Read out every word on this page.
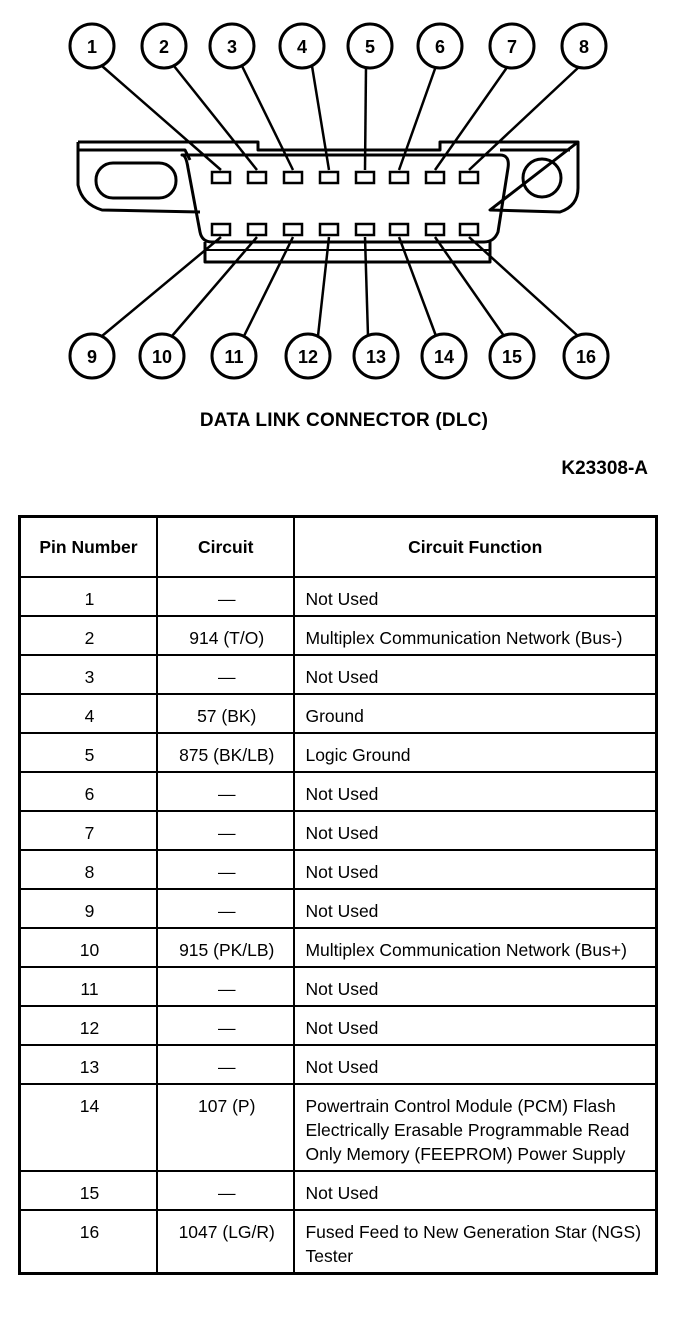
1	2	3	4	5	6	7	8
9	10	11	12	13	14	15	16
DATA LINK CONNECTOR (DLC)
K23308-A
Pin Number	Circuit	Circuit Function
1	—	Not Used
2	914 (T/O)	Multiplex Communication Network (Bus-)
3	—	Not Used
4	57 (BK)	Ground
5	875 (BK/LB)	Logic Ground
6	—	Not Used
7	—	Not Used
8	—	Not Used
9	—	Not Used
10	915 (PK/LB)	Multiplex Communication Network (Bus+)
11	—	Not Used
12	—	Not Used
13	—	Not Used
14	107 (P)	Powertrain Control Module (PCM) Flash Electrically Erasable Programmable Read Only Memory (FEEPROM) Power Supply
15	—	Not Used
16	1047 (LG/R)	Fused Feed to New Generation Star (NGS) Tester
